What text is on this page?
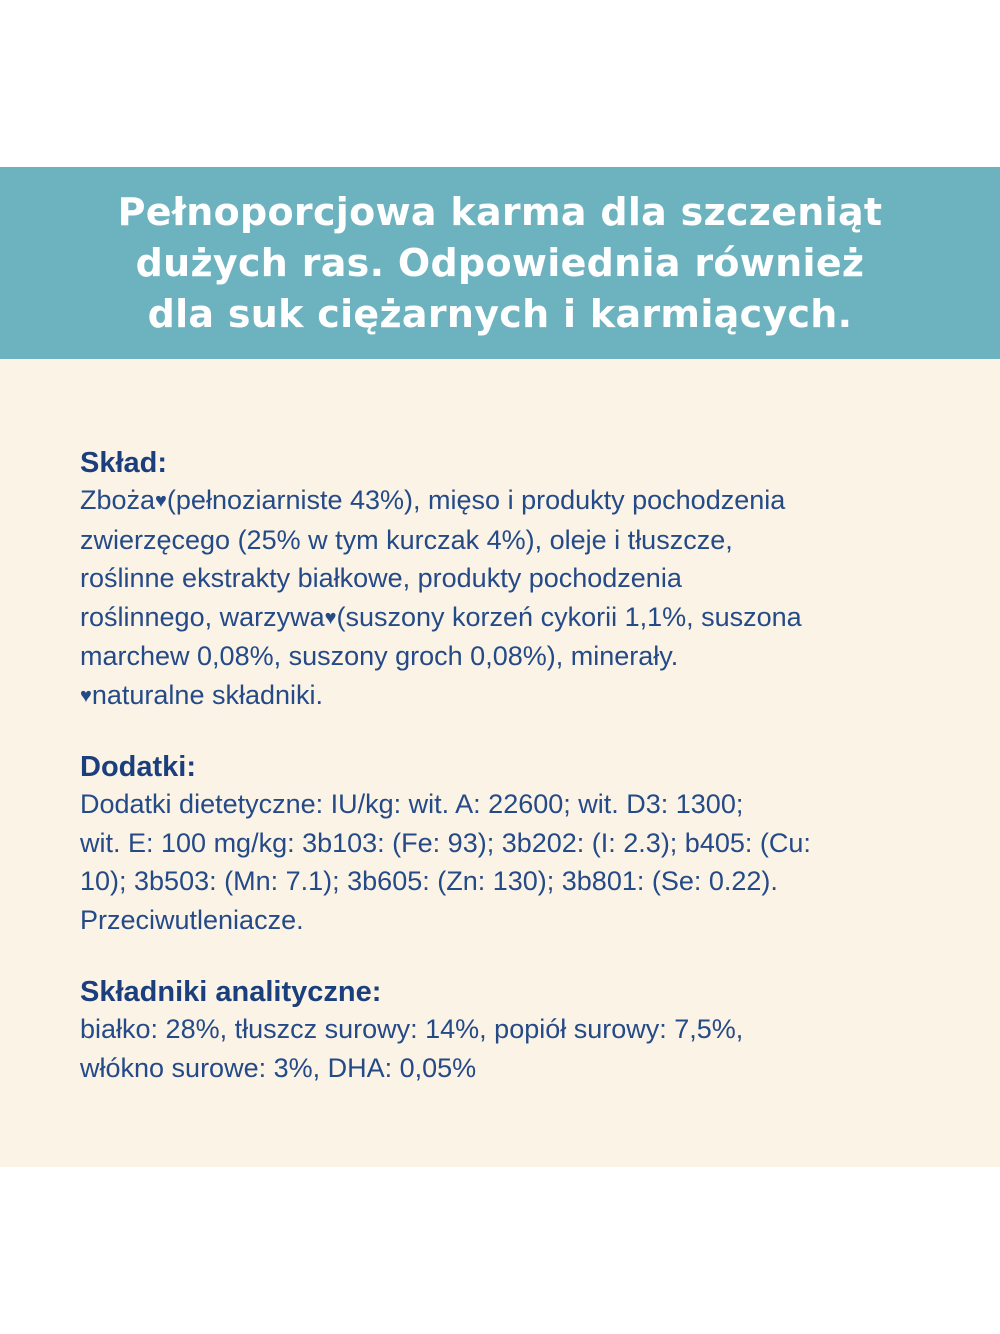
Pełnoporcjowa karma dla szczeniąt
dużych ras. Odpowiednia również
dla suk ciężarnych i karmiących.
Skład:

Zboża♥(pełnoziarniste 43%), mięso i produkty pochodzenia
zwierzęcego (25% w tym kurczak 4%), oleje i tłuszcze,
roślinne ekstrakty białkowe, produkty pochodzenia
roślinnego, warzywa♥(suszony korzeń cykorii 1,1%, suszona
marchew 0,08%, suszony groch 0,08%), minerały.
♥naturalne składniki.

Dodatki:

Dodatki dietetyczne: IU/kg: wit. A: 22600; wit. D3: 1300;
wit. E: 100 mg/kg: 3b103: (Fe: 93); 3b202: (I: 2.3); b405: (Cu:
10); 3b503: (Mn: 7.1); 3b605: (Zn: 130); 3b801: (Se: 0.22).
Przeciwutleniacze.

Składniki analityczne:

białko: 28%, tłuszcz surowy: 14%, popiół surowy: 7,5%,
włókno surowe: 3%, DHA: 0,05%
